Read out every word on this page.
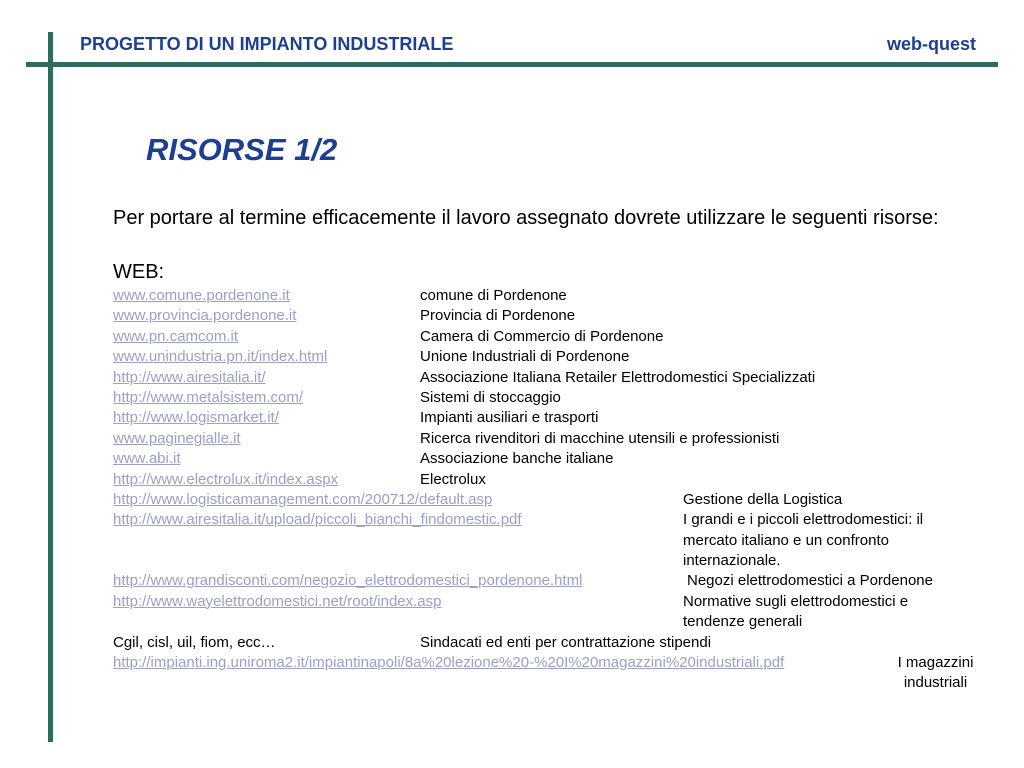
PROGETTO DI UN IMPIANTO INDUSTRIALE	web-quest
RISORSE 1/2
Per portare al termine efficacemente il lavoro assegnato dovrete utilizzare le seguenti risorse:
WEB:
www.comune.pordenone.it	comune di Pordenone
www.provincia.pordenone.it	Provincia di Pordenone
www.pn.camcom.it	Camera di Commercio di Pordenone
www.unindustria.pn.it/index.html	Unione Industriali di Pordenone
http://www.airesitalia.it/	Associazione Italiana Retailer Elettrodomestici Specializzati
http://www.metalsistem.com/	Sistemi di stoccaggio
http://www.logismarket.it/	Impianti ausiliari e trasporti
www.paginegialle.it	Ricerca rivenditori di macchine utensili e professionisti
www.abi.it	Associazione banche italiane
http://www.electrolux.it/index.aspx	Electrolux
http://www.logisticamanagement.com/200712/default.asp	Gestione della Logistica
http://www.airesitalia.it/upload/piccoli_bianchi_findomestic.pdf	I grandi e i piccoli elettrodomestici: il mercato italiano e un confronto internazionale.
http://www.grandisconti.com/negozio_elettrodomestici_pordenone.html	Negozi elettrodomestici a Pordenone
http://www.wayelettrodomestici.net/root/index.asp	Normative sugli elettrodomestici e tendenze generali
Cgil, cisl, uil, fiom, ecc…	Sindacati ed enti per contrattazione stipendi
http://impianti.ing.uniroma2.it/impiantinapoli/8a%20lezione%20-%20I%20magazzini%20industriali.pdf	I magazzini industriali
